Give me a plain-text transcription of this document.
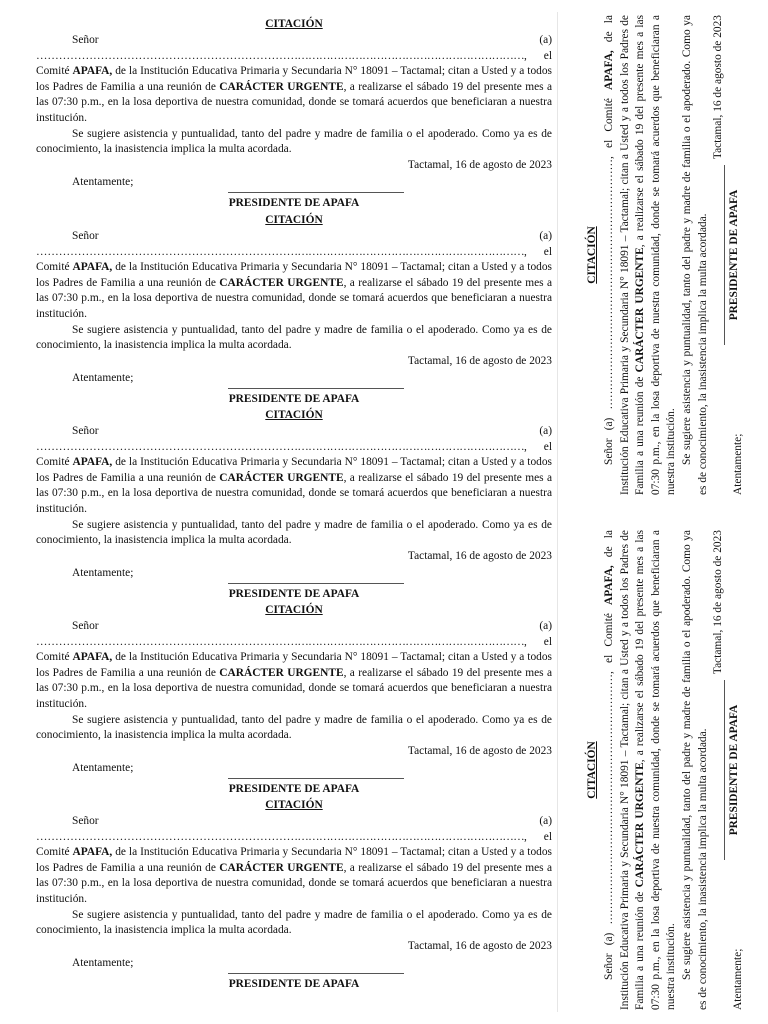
CITACIÓN

Señor (a) ……………………………………………………………………………………………………………………, el Comité APAFA, de la Institución Educativa Primaria y Secundaria N° 18091 – Tactamal; citan a Usted y a todos los Padres de Familia a una reunión de CARÁCTER URGENTE, a realizarse el sábado 19 del presente mes a las 07:30 p.m., en la losa deportiva de nuestra comunidad, donde se tomará acuerdos que beneficiaran a nuestra institución.

Se sugiere asistencia y puntualidad, tanto del padre y madre de familia o el apoderado. Como ya es de conocimiento, la inasistencia implica la multa acordada.

Tactamal, 16 de agosto de 2023

Atentamente;

PRESIDENTE DE APAFA
CITACIÓN

Señor (a) ……………………………………………………………………………………………………………………, el Comité APAFA, de la Institución Educativa Primaria y Secundaria N° 18091 – Tactamal; citan a Usted y a todos los Padres de Familia a una reunión de CARÁCTER URGENTE, a realizarse el sábado 19 del presente mes a las 07:30 p.m., en la losa deportiva de nuestra comunidad, donde se tomará acuerdos que beneficiaran a nuestra institución.

Se sugiere asistencia y puntualidad, tanto del padre y madre de familia o el apoderado. Como ya es de conocimiento, la inasistencia implica la multa acordada.

Tactamal, 16 de agosto de 2023

Atentamente;

PRESIDENTE DE APAFA
CITACIÓN

Señor (a) ……………………………………………………………………………………………………………………, el Comité APAFA, de la Institución Educativa Primaria y Secundaria N° 18091 – Tactamal; citan a Usted y a todos los Padres de Familia a una reunión de CARÁCTER URGENTE, a realizarse el sábado 19 del presente mes a las 07:30 p.m., en la losa deportiva de nuestra comunidad, donde se tomará acuerdos que beneficiaran a nuestra institución.

Se sugiere asistencia y puntualidad, tanto del padre y madre de familia o el apoderado. Como ya es de conocimiento, la inasistencia implica la multa acordada.

Tactamal, 16 de agosto de 2023

Atentamente;

PRESIDENTE DE APAFA
CITACIÓN

Señor (a) ……………………………………………………………………………………………………………………, el Comité APAFA, de la Institución Educativa Primaria y Secundaria N° 18091 – Tactamal; citan a Usted y a todos los Padres de Familia a una reunión de CARÁCTER URGENTE, a realizarse el sábado 19 del presente mes a las 07:30 p.m., en la losa deportiva de nuestra comunidad, donde se tomará acuerdos que beneficiaran a nuestra institución.

Se sugiere asistencia y puntualidad, tanto del padre y madre de familia o el apoderado. Como ya es de conocimiento, la inasistencia implica la multa acordada.

Tactamal, 16 de agosto de 2023

Atentamente;

PRESIDENTE DE APAFA
CITACIÓN

Señor (a) ……………………………………………………………………………………………………………………, el Comité APAFA, de la Institución Educativa Primaria y Secundaria N° 18091 – Tactamal; citan a Usted y a todos los Padres de Familia a una reunión de CARÁCTER URGENTE, a realizarse el sábado 19 del presente mes a las 07:30 p.m., en la losa deportiva de nuestra comunidad, donde se tomará acuerdos que beneficiaran a nuestra institución.

Se sugiere asistencia y puntualidad, tanto del padre y madre de familia o el apoderado. Como ya es de conocimiento, la inasistencia implica la multa acordada.

Tactamal, 16 de agosto de 2023

Atentamente;

PRESIDENTE DE APAFA
CITACIÓN

Señor (a) …………………………………………………………, el Comité APAFA, de la Institución Educativa Primaria y Secundaria N° 18091 – Tactamal; citan a Usted y a todos los Padres de Familia a una reunión de CARÁCTER URGENTE, a realizarse el sábado 19 del presente mes a las 07:30 p.m., en la losa deportiva de nuestra comunidad, donde se tomará acuerdos que beneficiaran a nuestra institución. Se sugiere asistencia y puntualidad, tanto del padre y madre de familia o el apoderado. Como ya es de conocimiento, la inasistencia implica la multa acordada.

Tactamal, 16 de agosto de 2023

Atentamente;

PRESIDENTE DE APAFA
CITACIÓN

Señor (a) …………………………………………………………, el Comité APAFA, de la Institución Educativa Primaria y Secundaria N° 18091 – Tactamal; citan a Usted y a todos los Padres de Familia a una reunión de CARÁCTER URGENTE, a realizarse el sábado 19 del presente mes a las 07:30 p.m., en la losa deportiva de nuestra comunidad, donde se tomará acuerdos que beneficiaran a nuestra institución. Se sugiere asistencia y puntualidad, tanto del padre y madre de familia o el apoderado. Como ya es de conocimiento, la inasistencia implica la multa acordada.

Tactamal, 16 de agosto de 2023

Atentamente;

PRESIDENTE DE APAFA
